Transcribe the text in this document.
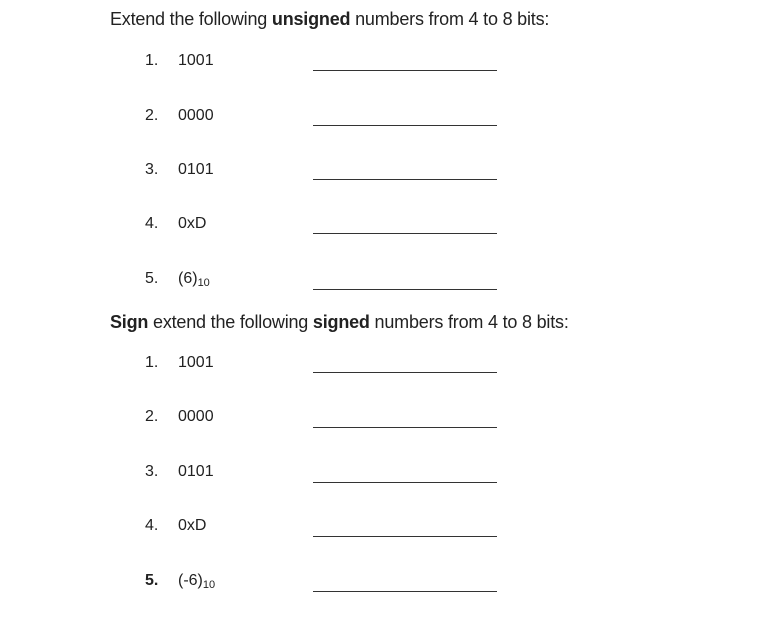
Extend the following unsigned numbers from 4 to 8 bits:
1. 1001
2. 0000
3. 0101
4. 0xD
5. $(6)_{10}$
Sign extend the following signed numbers from 4 to 8 bits:
1. 1001
2. 0000
3. 0101
4. 0xD
5. $(-6)_{10}$
